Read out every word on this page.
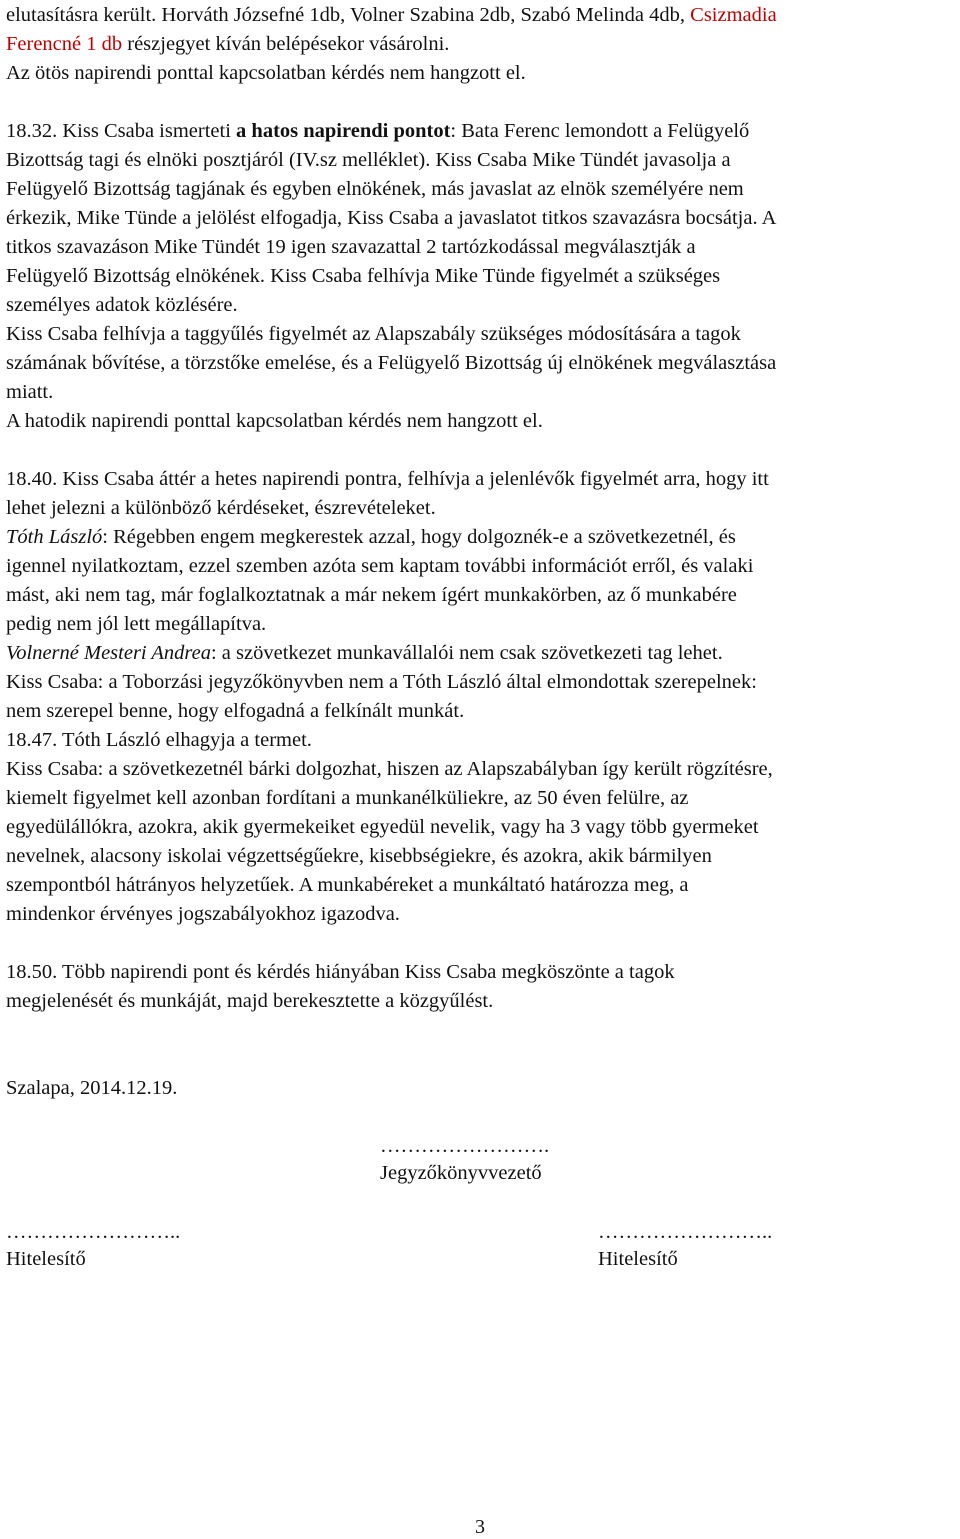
elutasításra került. Horváth Józsefné 1db, Volner Szabina 2db, Szabó Melinda 4db, Csizmadia
Ferencné 1 db részjegyet kíván belépésekor vásárolni.
Az ötös napirendi ponttal kapcsolatban kérdés nem hangzott el.
18.32. Kiss Csaba ismerteti a hatos napirendi pontot: Bata Ferenc lemondott a Felügyelő
Bizottság tagi és elnöki posztjáról (IV.sz melléklet). Kiss Csaba Mike Tündét javasolja a
Felügyelő Bizottság tagjának és egyben elnökének, más javaslat az elnök személyére nem
érkezik, Mike Tünde a jelölést elfogadja, Kiss Csaba a javaslatot titkos szavazásra bocsátja. A
titkos szavazáson Mike Tündét 19 igen szavazattal 2 tartózkodással megválasztják a
Felügyelő Bizottság elnökének. Kiss Csaba felhívja Mike Tünde figyelmét a szükséges
személyes adatok közlésére.
Kiss Csaba felhívja a taggyűlés figyelmét az Alapszabály szükséges módosítására a tagok
számának bővítése, a törzstőke emelése, és a Felügyelő Bizottság új elnökének megválasztása
miatt.
A hatodik napirendi ponttal kapcsolatban kérdés nem hangzott el.
18.40. Kiss Csaba áttér a hetes napirendi pontra, felhívja a jelenlévők figyelmét arra, hogy itt
lehet jelezni a különböző kérdéseket, észrevételeket.
Tóth László: Régebben engem megkerestek azzal, hogy dolgoznék-e a szövetkezetnél, és
igennel nyilatkoztam, ezzel szemben azóta sem kaptam további információt erről, és valaki
mást, aki nem tag, már foglalkoztatnak a már nekem ígért munkakörben, az ő munkabére
pedig nem jól lett megállapítva.
Volnerné Mesteri Andrea: a szövetkezet munkavállalói nem csak szövetkezeti tag lehet.
Kiss Csaba: a Toborzási jegyzőkönyvben nem a Tóth László által elmondottak szerepelnek:
nem szerepel benne, hogy elfogadná a felkínált munkát.
18.47. Tóth László elhagyja a termet.
Kiss Csaba: a szövetkezetnél bárki dolgozhat, hiszen az Alapszabályban így került rögzítésre,
kiemelt figyelmet kell azonban fordítani a munkanélküliekre, az 50 éven felülre, az
egyedülállókra, azokra, akik gyermekeiket egyedül nevelik, vagy ha 3 vagy több gyermeket
nevelnek, alacsony iskolai végzettségűekre, kisebbségiekre, és azokra, akik bármilyen
szempontból hátrányos helyzetűek. A munkabéreket a munkáltató határozza meg, a
mindenkor érvényes jogszabályokhoz igazodva.
18.50. Több napirendi pont és kérdés hiányában Kiss Csaba megköszönte a tagok
megjelenését és munkáját, majd berekesztette a közgyűlést.
Szalapa, 2014.12.19.
…………………….
Jegyzőkönyvvezető
……………………..
Hitelesítő
……………………..
Hitelesítő
3
